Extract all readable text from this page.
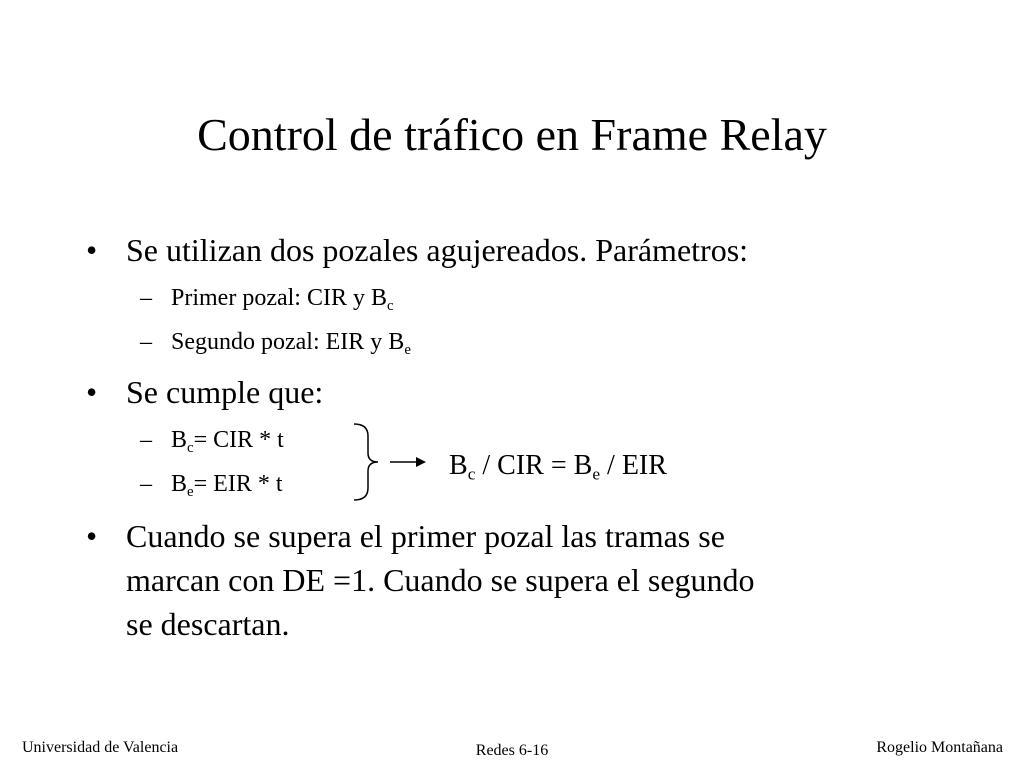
Control de tráfico en Frame Relay
• Se utilizan dos pozales agujereados. Parámetros:
– Primer pozal: CIR y $B_c$
– Segundo pozal: EIR y $B_e$
• Se cumple que:
– $B_c=$ CIR * t
– $B_e=$ EIR * t
$B_c$ / CIR = $B_e$ / EIR
• Cuando se supera el primer pozal las tramas se
marcan con DE =1. Cuando se supera el segundo
se descartan.
Universidad de Valencia	Redes 6-16	Rogelio Montañana
